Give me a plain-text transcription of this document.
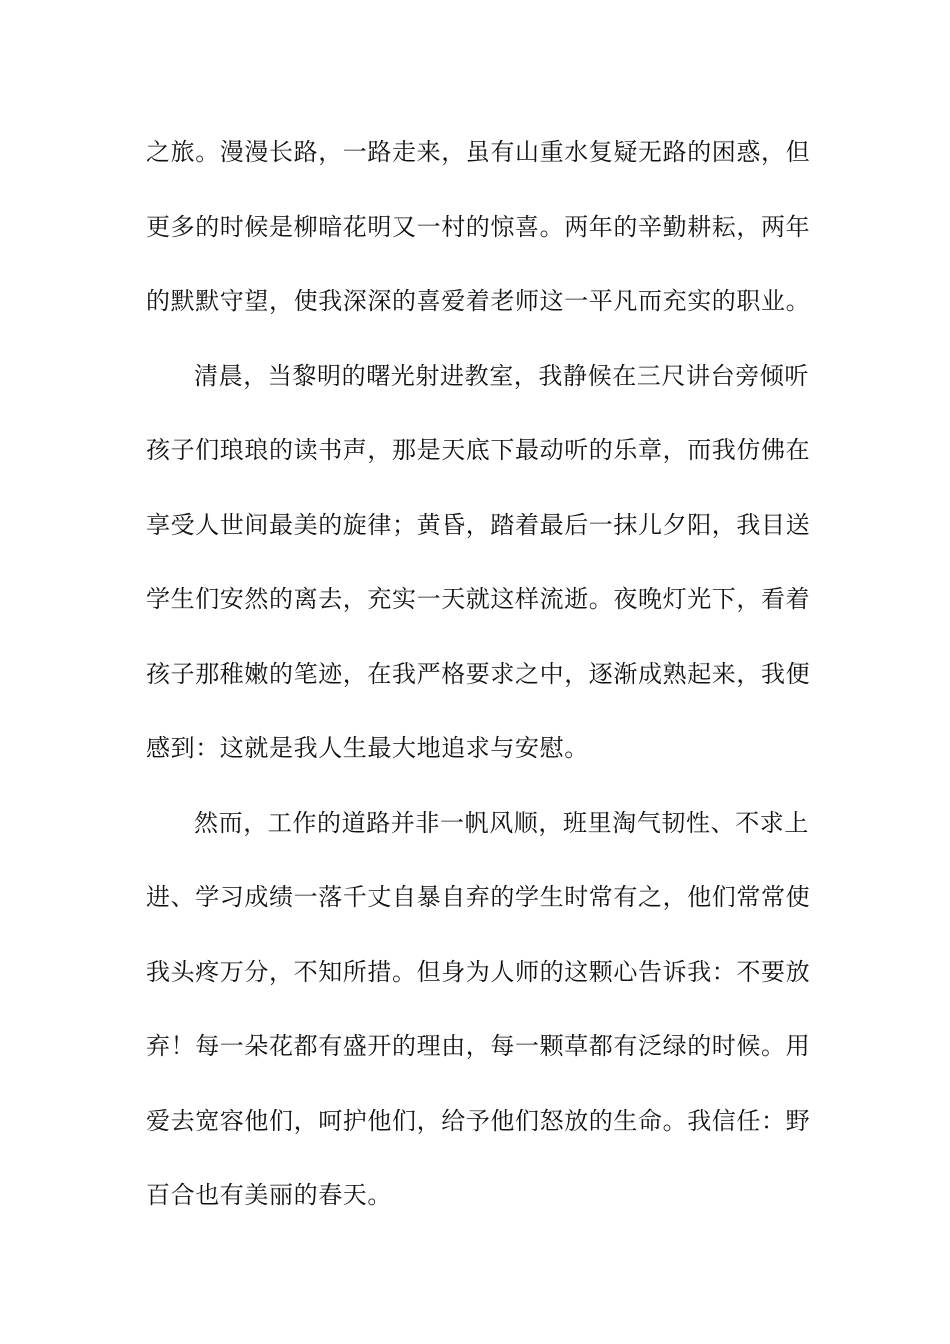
之旅。漫漫长路，一路走来，虽有山重水复疑无路的困惑，但
更多的时候是柳暗花明又一村的惊喜。两年的辛勤耕耘，两年
的默默守望，使我深深的喜爱着老师这一平凡而充实的职业。
清晨，当黎明的曙光射进教室，我静候在三尺讲台旁倾听
孩子们琅琅的读书声，那是天底下最动听的乐章，而我仿佛在
享受人世间最美的旋律；黄昏，踏着最后一抹儿夕阳，我目送
学生们安然的离去，充实一天就这样流逝。夜晚灯光下，看着
孩子那稚嫩的笔迹，在我严格要求之中，逐渐成熟起来，我便
感到：这就是我人生最大地追求与安慰。
然而，工作的道路并非一帆风顺，班里淘气韧性、不求上
进、学习成绩一落千丈自暴自弃的学生时常有之，他们常常使
我头疼万分，不知所措。但身为人师的这颗心告诉我：不要放
弃！每一朵花都有盛开的理由，每一颗草都有泛绿的时候。用
爱去宽容他们，呵护他们，给予他们怒放的生命。我信任：野
百合也有美丽的春天。
